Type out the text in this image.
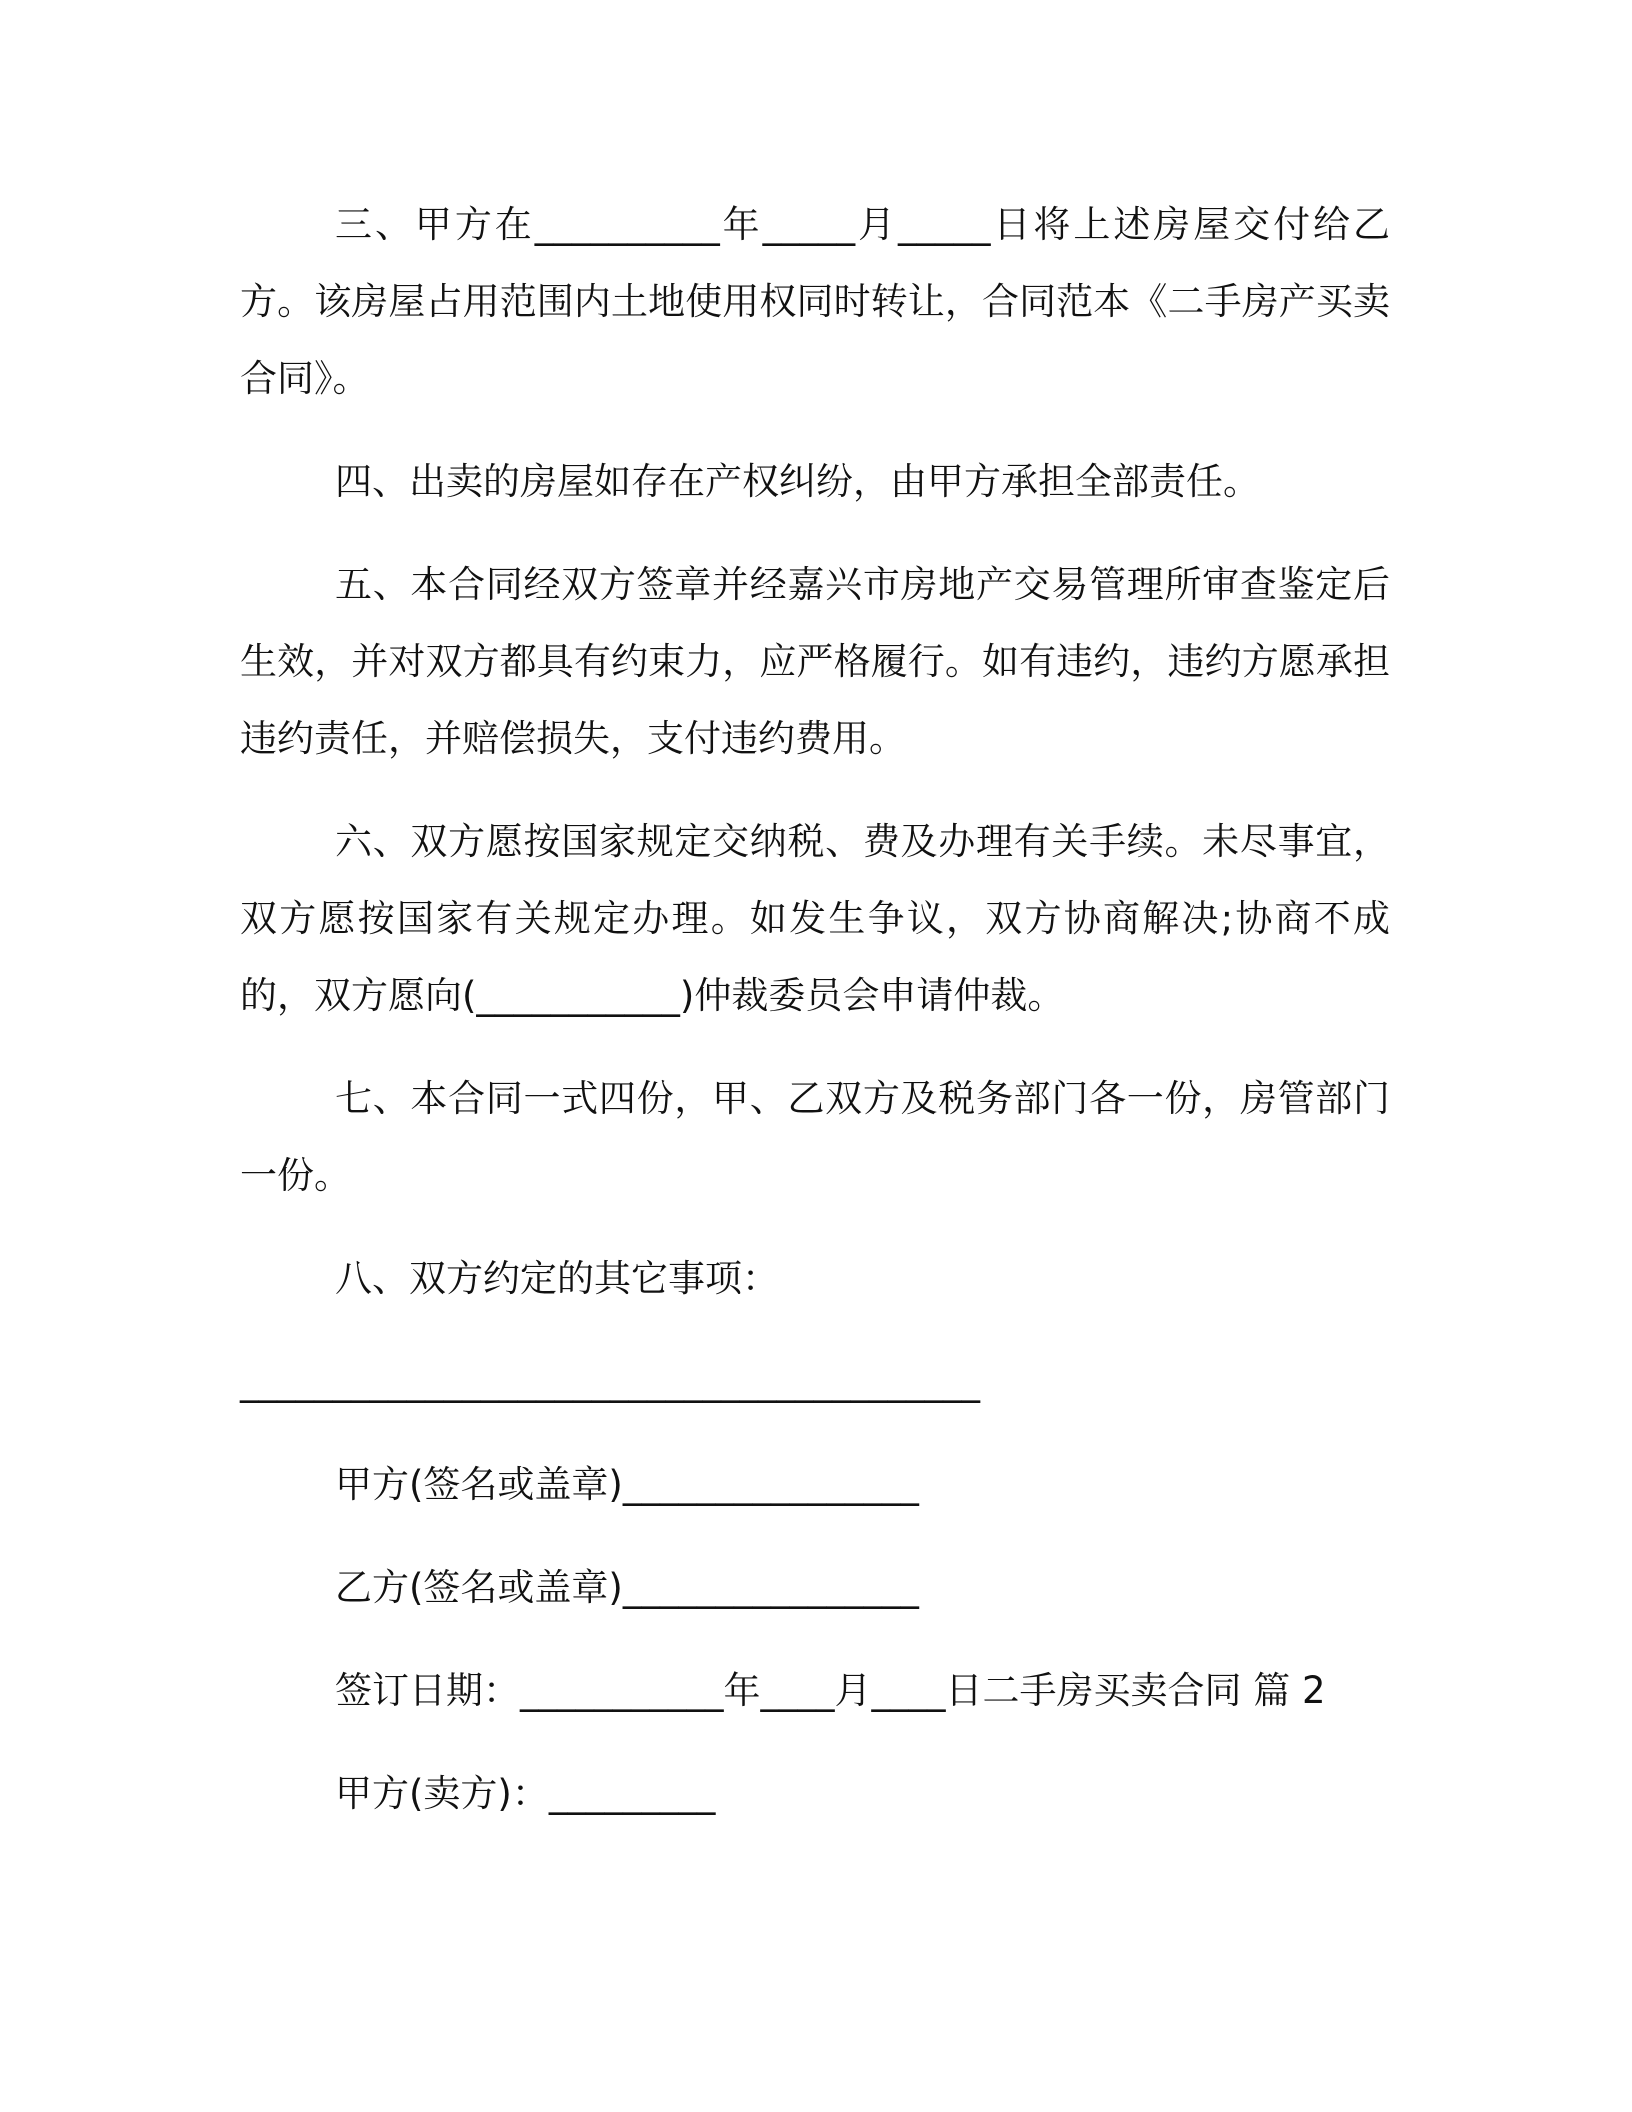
三、甲方在__________年_____月_____日将上述房屋交付给乙方。该房屋占用范围内土地使用权同时转让，合同范本《二手房产买卖合同》。

四、出卖的房屋如存在产权纠纷，由甲方承担全部责任。

五、本合同经双方签章并经嘉兴市房地产交易管理所审查鉴定后生效，并对双方都具有约束力，应严格履行。如有违约，违约方愿承担违约责任，并赔偿损失，支付违约费用。

六、双方愿按国家规定交纳税、费及办理有关手续。未尽事宜，双方愿按国家有关规定办理。如发生争议，双方协商解决;协商不成的，双方愿向(___________)仲裁委员会申请仲裁。

七、本合同一式四份，甲、乙双方及税务部门各一份，房管部门一份。

八、双方约定的其它事项：

________________________________________

甲方(签名或盖章)________________

乙方(签名或盖章)________________

签订日期：___________年____月____日二手房买卖合同 篇 2

甲方(卖方)：_________
